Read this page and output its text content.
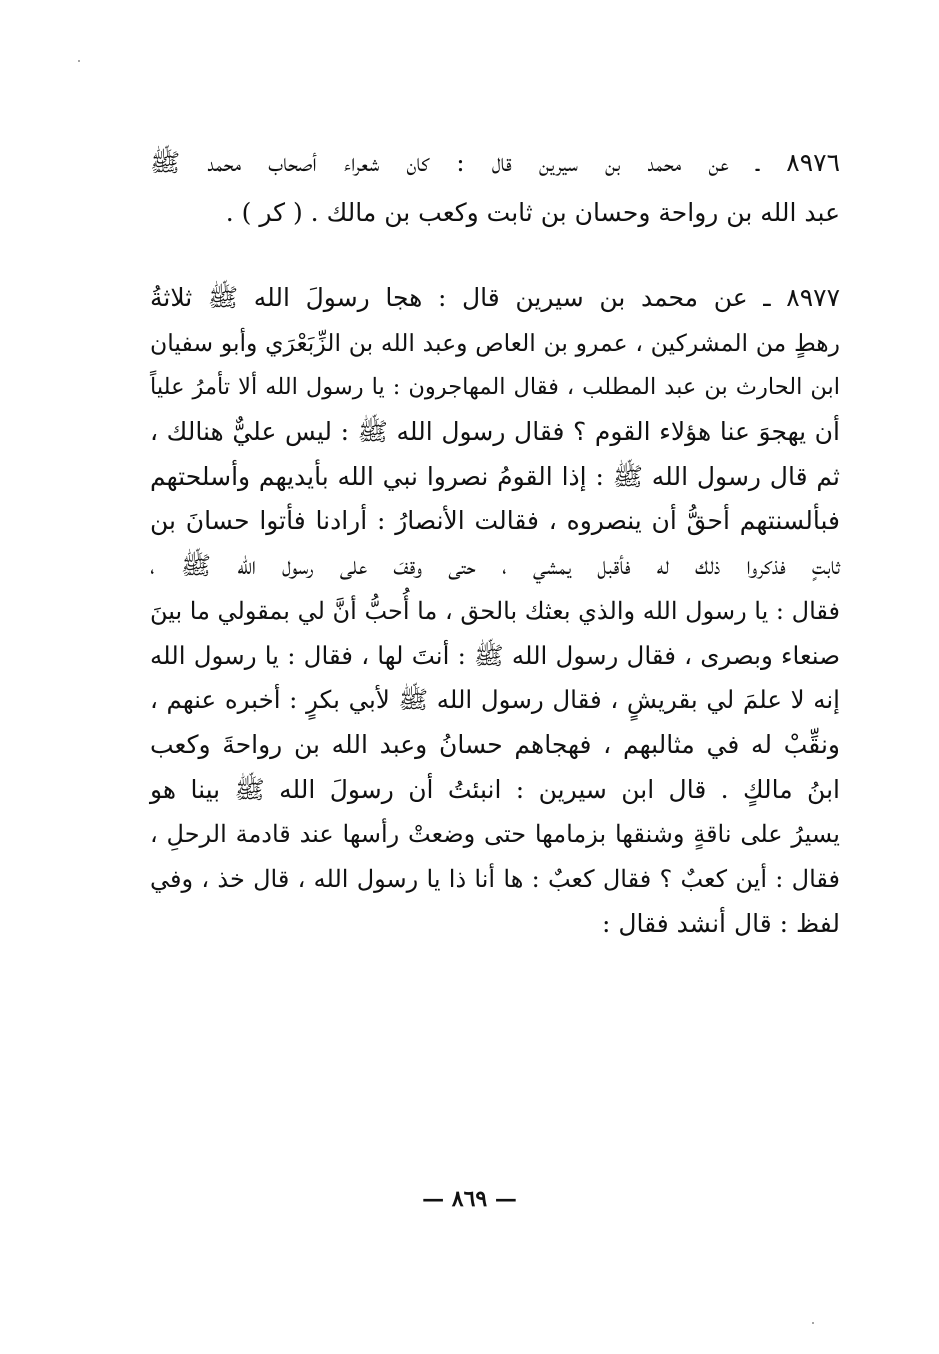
٨٩٧٦ ـ عن محمد بن سيرين قال : كان شعراء أصحاب محمد ﷺ
عبد الله بن رواحة وحسان بن ثابت وكعب بن مالك . ( كر ) .
٨٩٧٧ ـ عن محمد بن سيرين قال : هجا رسولَ الله ﷺ ثلاثةُ
رهطٍ من المشركين ، عمرو بن العاص وعبد الله بن الزِّبَعْرَي وأبو سفيان
ابن الحارث بن عبد المطلب ، فقال المهاجرون : يا رسول الله ألا تأمرُ علياً
أن يهجوَ عنا هؤلاء القوم ؟ فقال رسول الله ﷺ : ليس عليٌّ هنالك ،
ثم قال رسول الله ﷺ : إذا القومُ نصروا نبي الله بأيديهم وأسلحتهم
فبألسنتهم أحقُّ أن ينصروه ، فقالت الأنصارُ : أرادنا فأتوا حسانَ بن
ثابتٍ فذكروا ذلك له فأقبل يمشي ، حتى وقفَ على رسول الله ﷺ ،
فقال : يا رسول الله والذي بعثك بالحق ، ما أُحبُّ أنَّ لي بمقولي ما بينَ
صنعاء وبصرى ، فقال رسول الله ﷺ : أنتَ لها ، فقال : يا رسول الله
إنه لا علمَ لي بقريشٍ ، فقال رسول الله ﷺ لأبي بكرٍ : أخبره عنهم ،
ونقِّبْ له في مثالبهم ، فهجاهم حسانُ وعبد الله بن رواحةَ وكعب
ابنُ مالكٍ . قال ابن سيرين : انبئتُ أن رسولَ الله ﷺ بينا هو
يسيرُ على ناقةٍ وشنقها بزمامها حتى وضعتْ رأسها عند قادمة الرحلِ ،
فقال : أين كعبٌ ؟ فقال كعبٌ : ها أنا ذا يا رسول الله ، قال خذ ، وفي
لفظ : قال أنشد فقال :
— ٨٦٩ —
